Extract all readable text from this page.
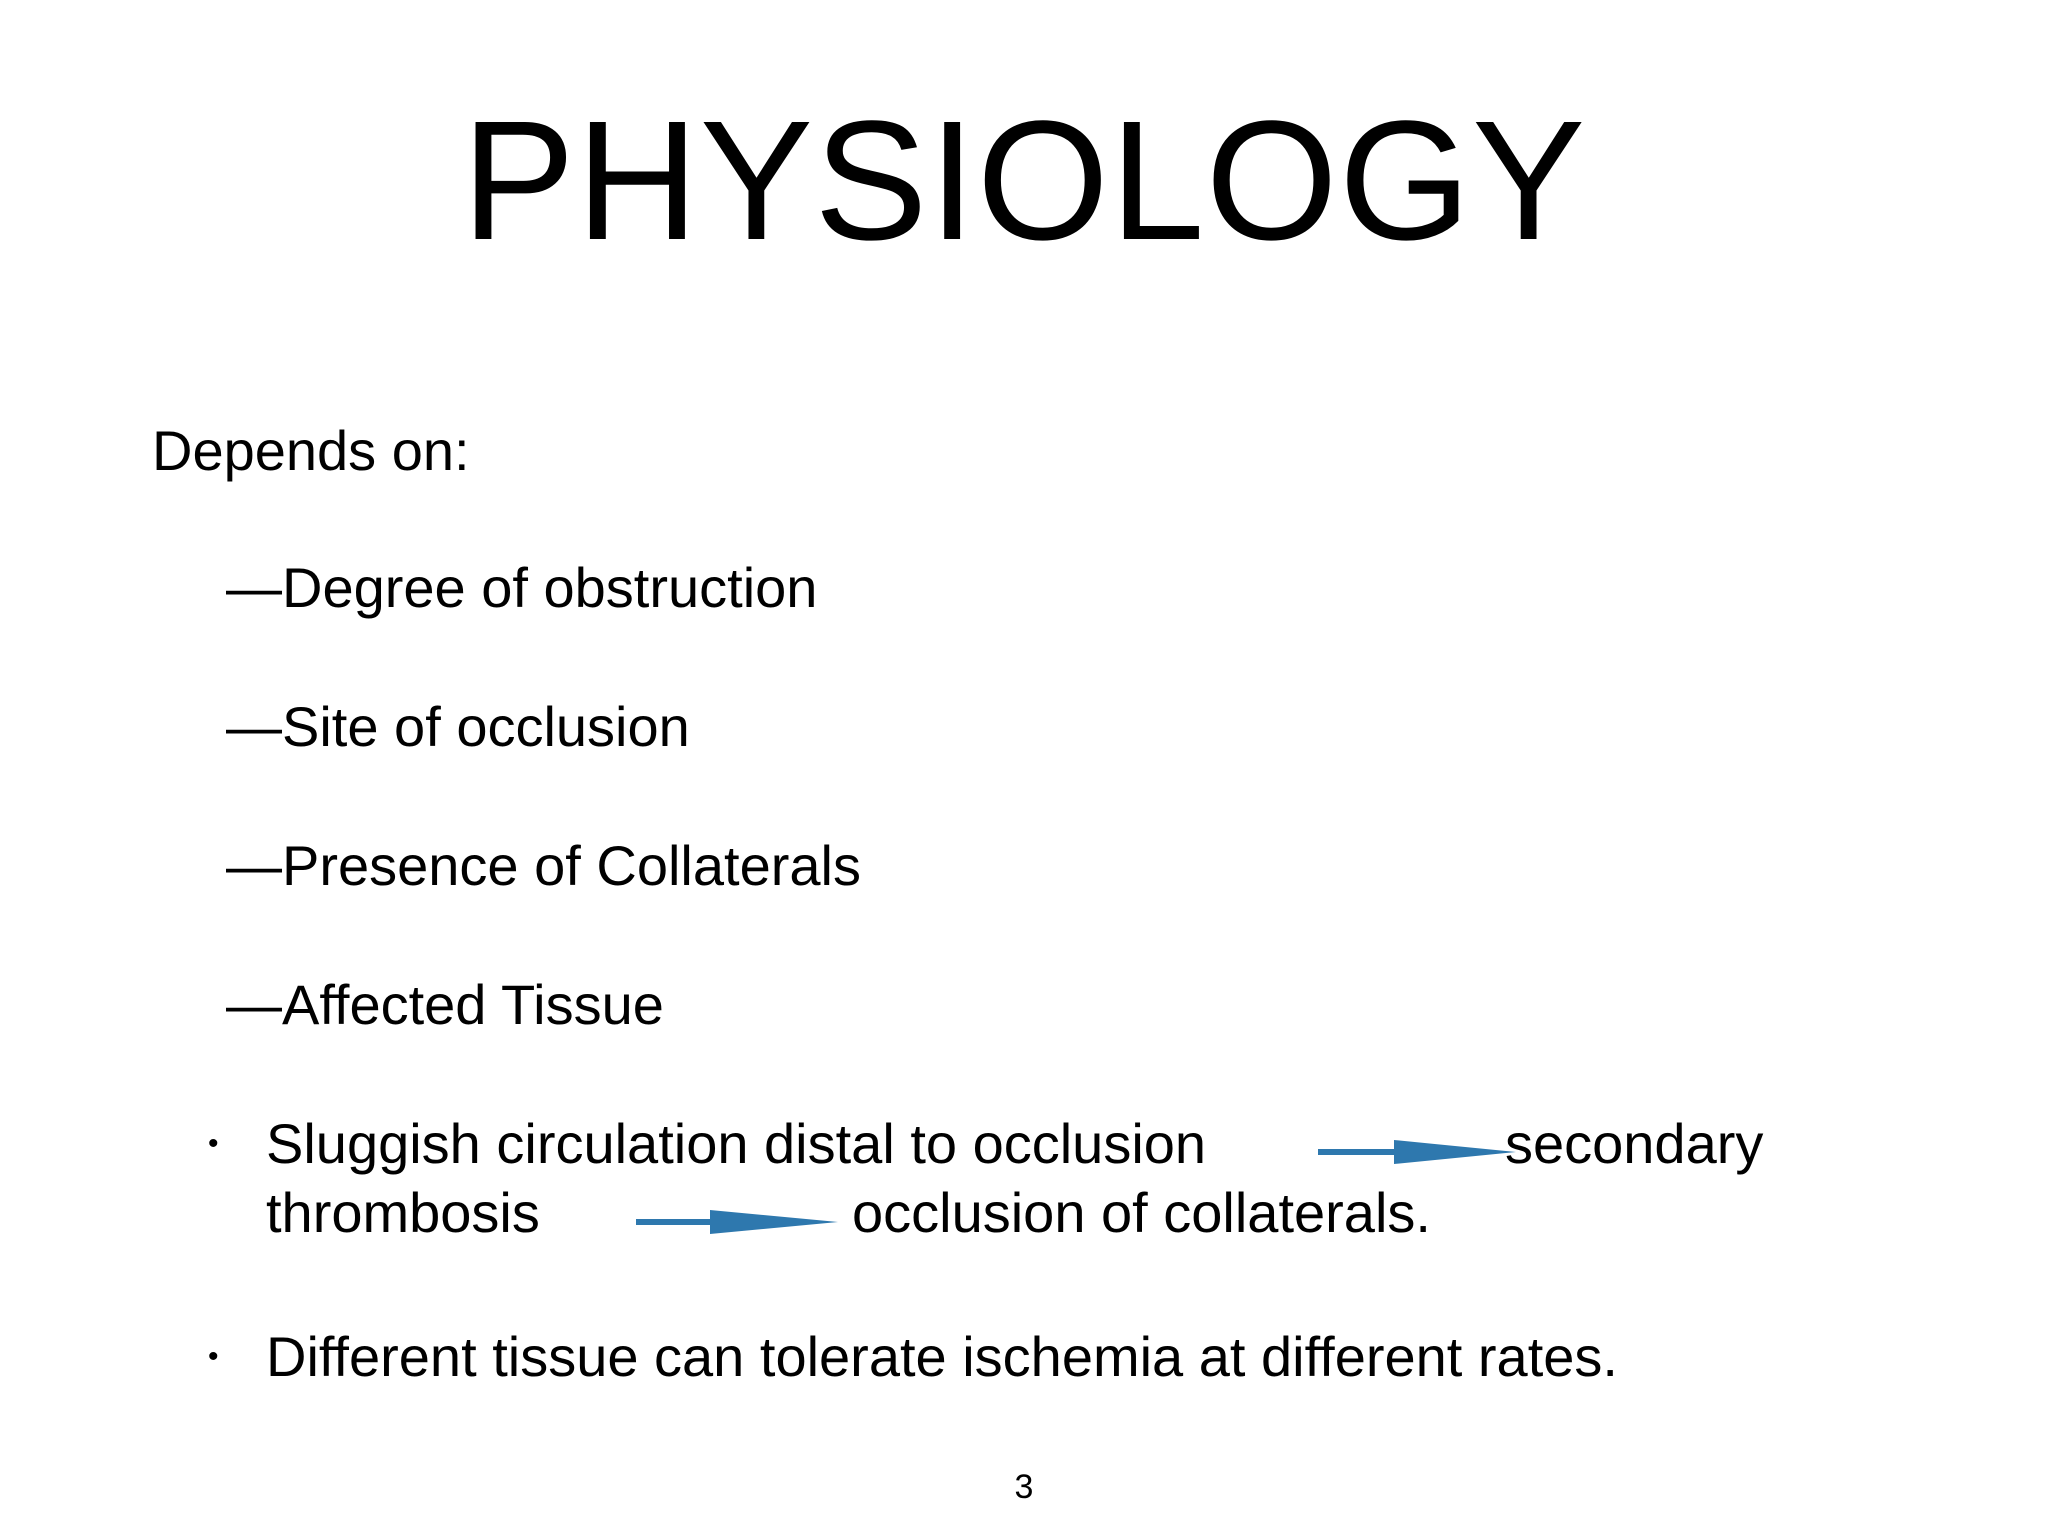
PHYSIOLOGY
Depends on:
—Degree of obstruction
—Site of occlusion
—Presence of Collaterals
—Affected Tissue
• Sluggish circulation distal to occlusion	secondary
thrombosis	occlusion of collaterals.
• Different tissue can tolerate ischemia at different rates.
3
